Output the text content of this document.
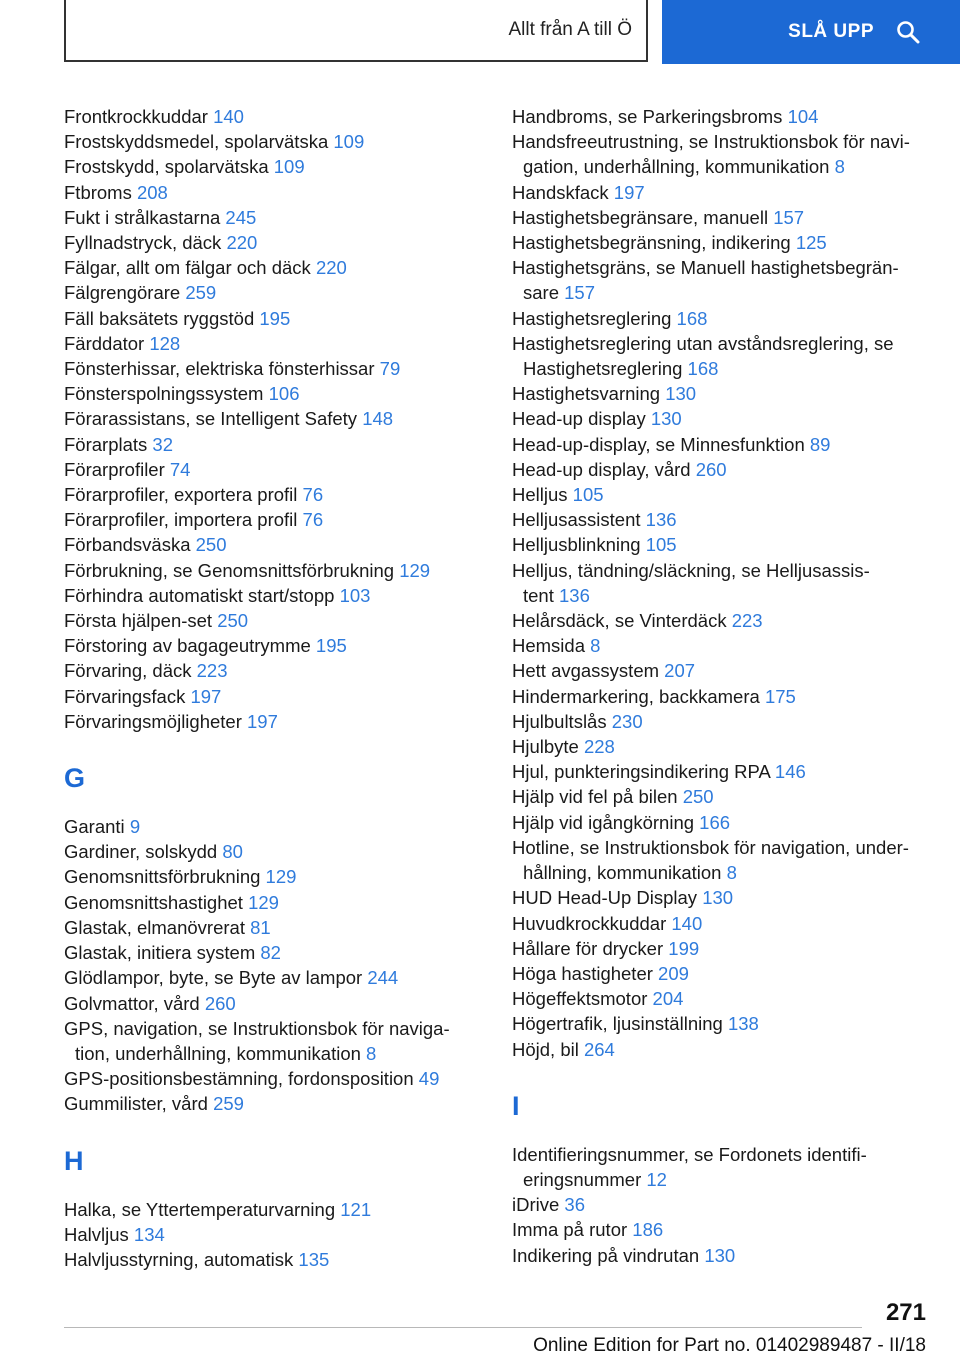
Allt från A till Ö	SLÅ UPP
Frontkrockkuddar 140
Frostskyddsmedel, spolarvätska 109
Frostskydd, spolarvätska 109
Ftbroms 208
Fukt i strålkastarna 245
Fyllnadstryck, däck 220
Fälgar, allt om fälgar och däck 220
Fälgrengörare 259
Fäll baksätets ryggstöd 195
Färddator 128
Fönsterhissar, elektriska fönsterhissar 79
Fönsterspolningssystem 106
Förarassistans, se Intelligent Safety 148
Förarplats 32
Förarprofiler 74
Förarprofiler, exportera profil 76
Förarprofiler, importera profil 76
Förbandsväska 250
Förbrukning, se Genomsnittsförbrukning 129
Förhindra automatiskt start/stopp 103
Första hjälpen-set 250
Förstoring av bagageutrymme 195
Förvaring, däck 223
Förvaringsfack 197
Förvaringsmöjligheter 197
G
Garanti 9
Gardiner, solskydd 80
Genomsnittsförbrukning 129
Genomsnittshastighet 129
Glastak, elmanövrerat 81
Glastak, initiera system 82
Glödlampor, byte, se Byte av lampor 244
Golvmattor, vård 260
GPS, navigation, se Instruktionsbok för naviga-
tion, underhållning, kommunikation 8
GPS-positionsbestämning, fordonsposition 49
Gummilister, vård 259
H
Halka, se Yttertemperaturvarning 121
Halvljus 134
Halvljusstyrning, automatisk 135
Handbroms, se Parkeringsbroms 104
Handsfreeutrustning, se Instruktionsbok för navi-
gation, underhållning, kommunikation 8
Handskfack 197
Hastighetsbegränsare, manuell 157
Hastighetsbegränsning, indikering 125
Hastighetsgräns, se Manuell hastighetsbegrän-
sare 157
Hastighetsreglering 168
Hastighetsreglering utan avståndsreglering, se
Hastighetsreglering 168
Hastighetsvarning 130
Head-up display 130
Head-up-display, se Minnesfunktion 89
Head-up display, vård 260
Helljus 105
Helljusassistent 136
Helljusblinkning 105
Helljus, tändning/släckning, se Helljusassis-
tent 136
Helårsdäck, se Vinterdäck 223
Hemsida 8
Hett avgassystem 207
Hindermarkering, backkamera 175
Hjulbultslås 230
Hjulbyte 228
Hjul, punkteringsindikering RPA 146
Hjälp vid fel på bilen 250
Hjälp vid igångkörning 166
Hotline, se Instruktionsbok för navigation, under-
hållning, kommunikation 8
HUD Head-Up Display 130
Huvudkrockkuddar 140
Hållare för drycker 199
Höga hastigheter 209
Högeffektsmotor 204
Högertrafik, ljusinställning 138
Höjd, bil 264
I
Identifieringsnummer, se Fordonets identifi-
eringsnummer 12
iDrive 36
Imma på rutor 186
Indikering på vindrutan 130
271
Online Edition for Part no. 01402989487 - II/18
